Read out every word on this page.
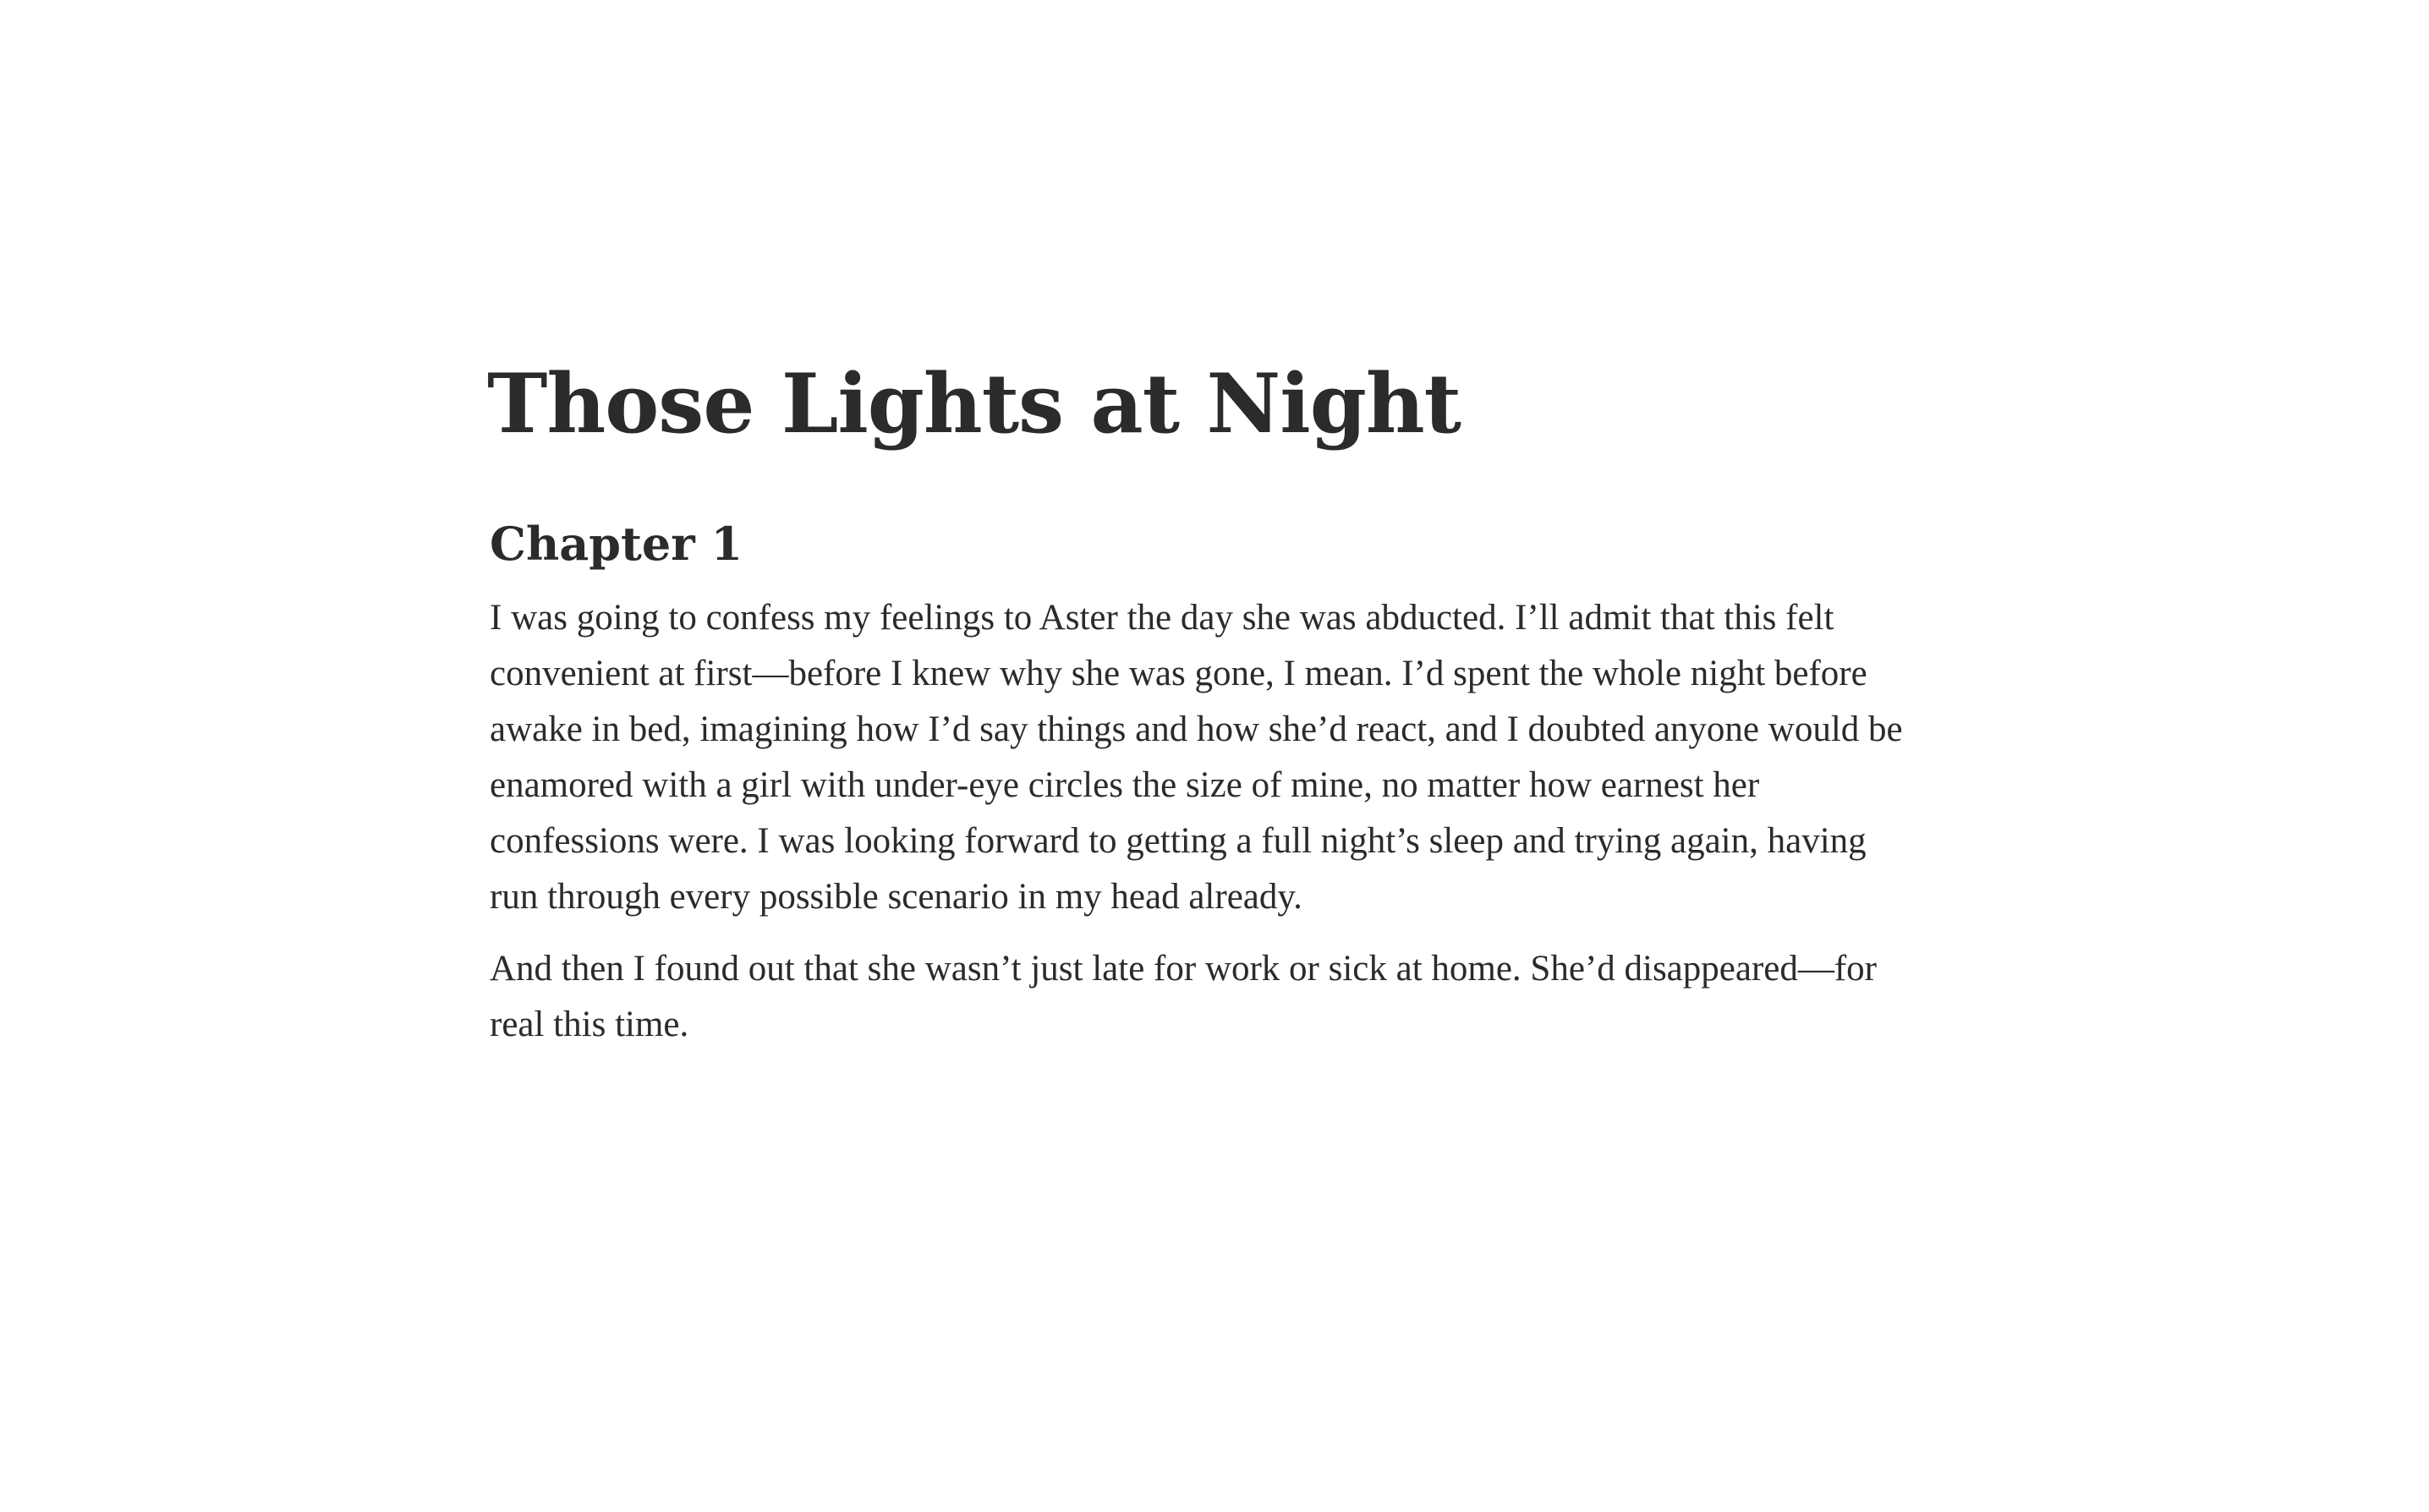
Those Lights at Night
Chapter 1

I was going to confess my feelings to Aster the day she was abducted. I’ll admit that this felt convenient at first—before I knew why she was gone, I mean. I’d spent the whole night before awake in bed, imagining how I’d say things and how she’d react, and I doubted anyone would be enamored with a girl with under-eye circles the size of mine, no matter how earnest her confessions were. I was looking forward to getting a full night’s sleep and trying again, having run through every possible scenario in my head already.

And then I found out that she wasn’t just late for work or sick at home. She’d disappeared—for real this time.
